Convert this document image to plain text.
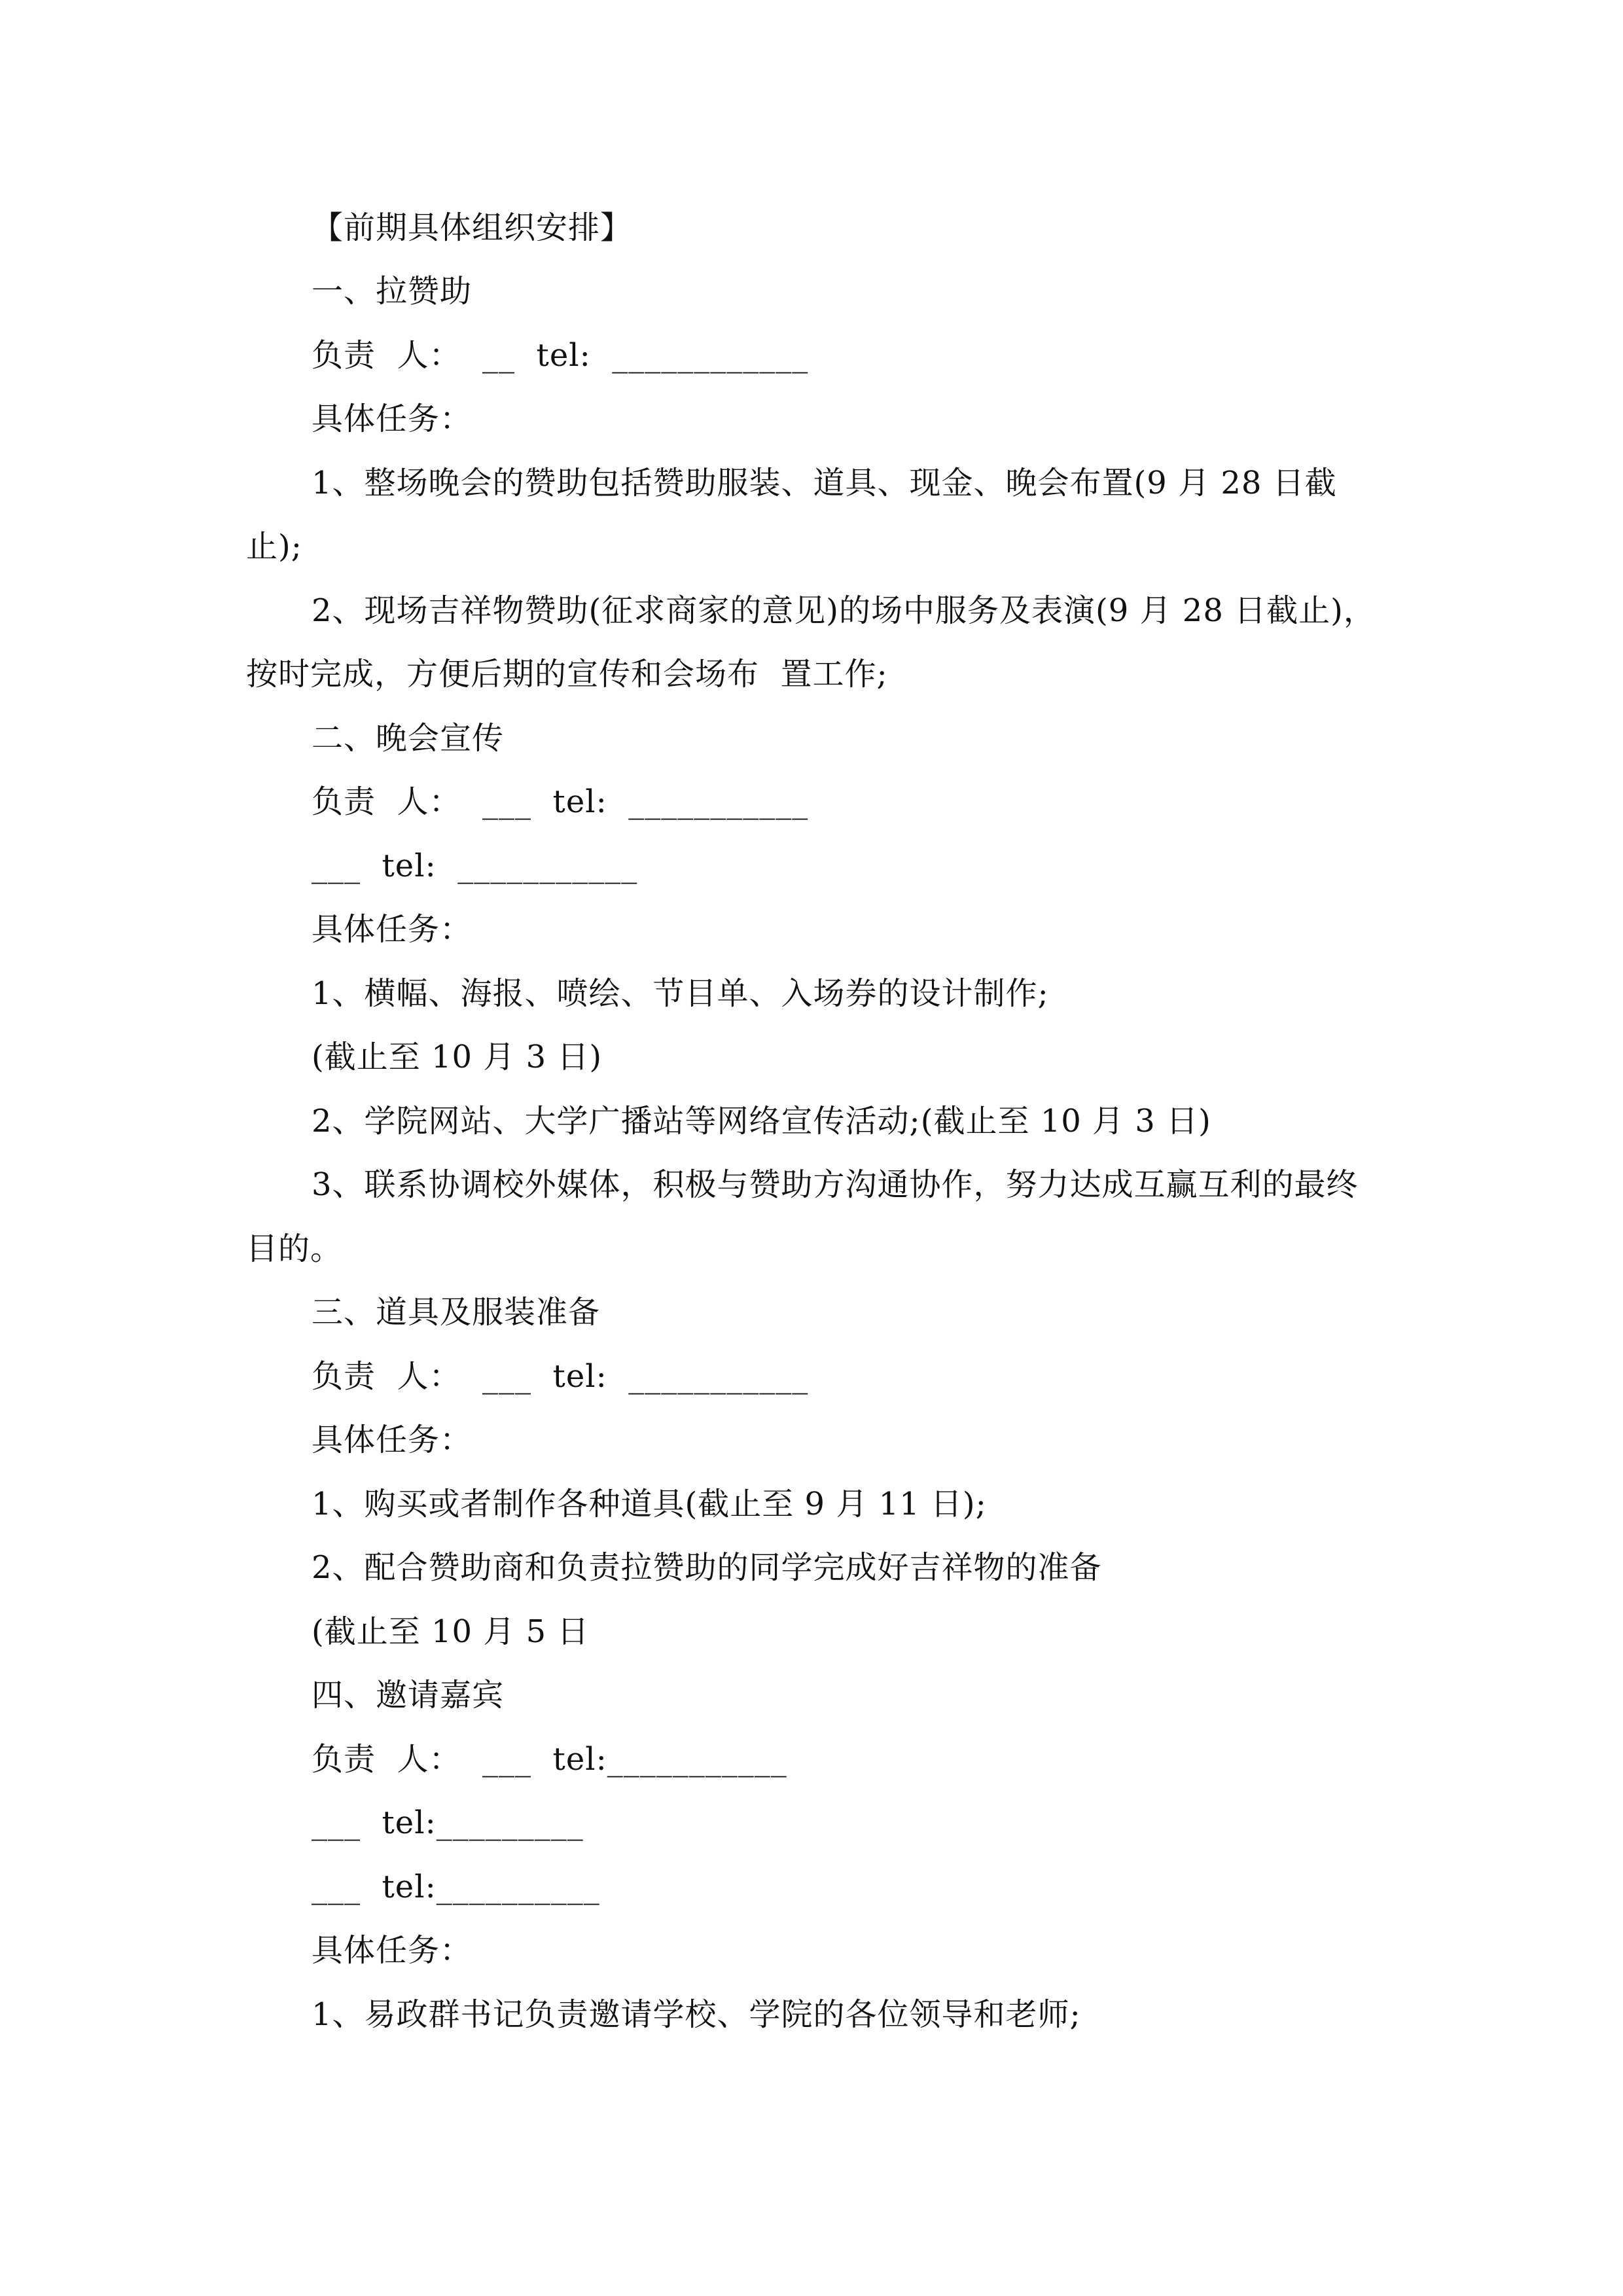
【前期具体组织安排】

一、拉赞助

负责  人：  __  tel:  ____________

具体任务：

1、整场晚会的赞助包括赞助服装、道具、现金、晚会布置(9 月 28 日截

止);

2、现场吉祥物赞助(征求商家的意见)的场中服务及表演(9 月 28 日截止)，

按时完成，方便后期的宣传和会场布  置工作;

二、晚会宣传

负责  人：  ___  tel:  ___________

___  tel:  ___________

具体任务：

1、横幅、海报、喷绘、节目单、入场券的设计制作;

(截止至 10 月 3 日)

2、学院网站、大学广播站等网络宣传活动;(截止至 10 月 3 日)

3、联系协调校外媒体，积极与赞助方沟通协作，努力达成互赢互利的最终

目的。

三、道具及服装准备

负责  人：  ___  tel:  ___________

具体任务：

1、购买或者制作各种道具(截止至 9 月 11 日);

2、配合赞助商和负责拉赞助的同学完成好吉祥物的准备

(截止至 10 月 5 日

四、邀请嘉宾

负责  人：  ___  tel:___________

___  tel:_________

___  tel:__________

具体任务：

1、易政群书记负责邀请学校、学院的各位领导和老师;
